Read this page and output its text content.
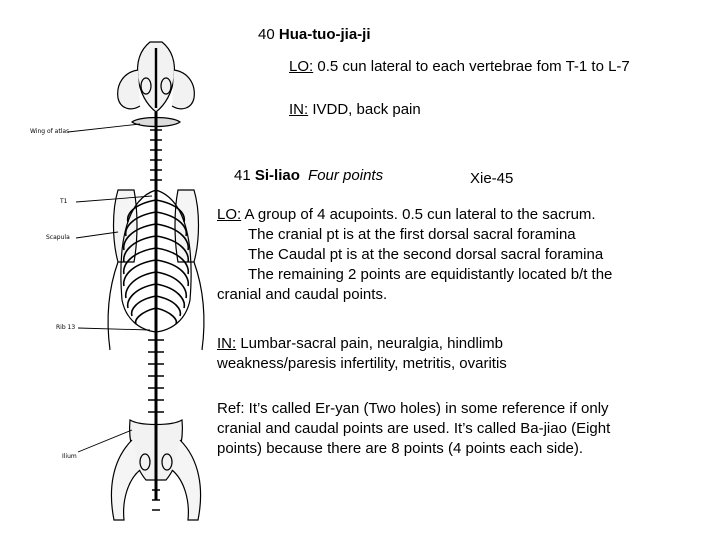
Wing of atlas
T1
Scapula
Rib 13
Ilium
40 Hua-tuo-jia-ji
LO: 0.5 cun lateral to each vertebrae fom T-1 to L-7
IN: IVDD, back pain
41 Si-liao Four points	Xie-45
LO: A group of 4 acupoints. 0.5 cun lateral to the sacrum.
The cranial pt is at the first dorsal sacral foramina
The Caudal pt is at the second dorsal sacral foramina
The remaining 2 points are equidistantly located b/t the
cranial and caudal points.
IN: Lumbar-sacral pain, neuralgia, hindlimb
weakness/paresis infertility, metritis, ovaritis
Ref: It’s called Er-yan (Two holes) in some reference if only
cranial and caudal points are used. It’s called Ba-jiao (Eight
points) because there are 8 points (4 points each side).
